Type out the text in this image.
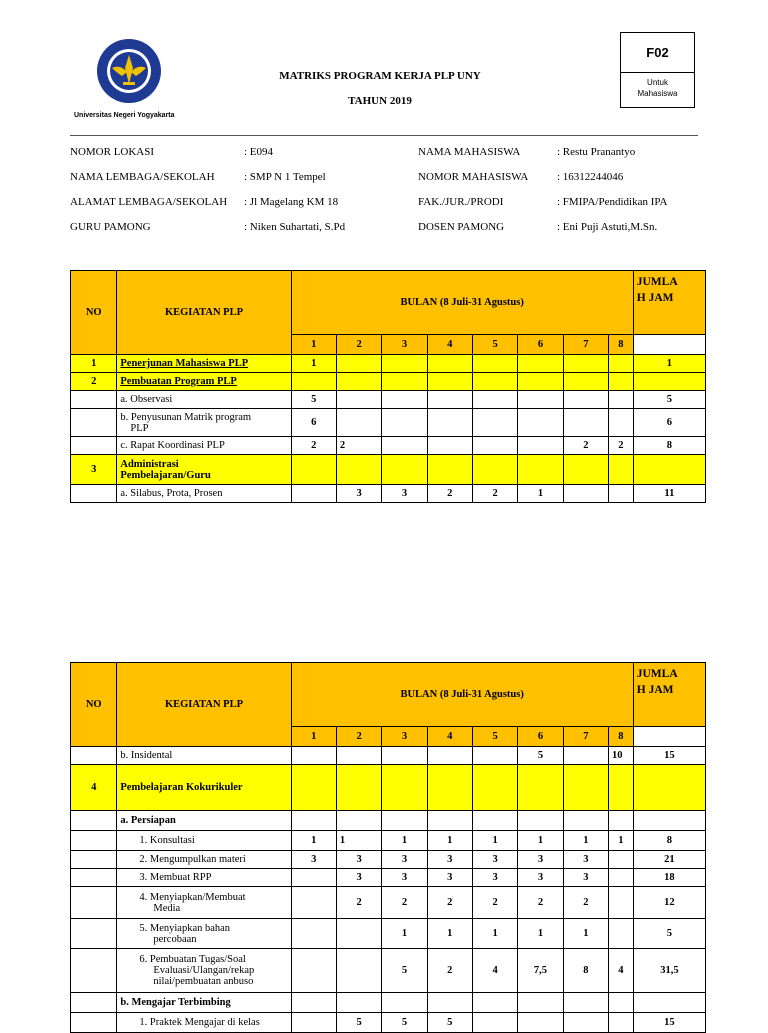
Universitas Negeri Yogyakarta
MATRIKS PROGRAM KERJA PLP UNY
TAHUN 2019
F02
Untuk
Mahasiswa
NOMOR LOKASI	: E094
NAMA LEMBAGA/SEKOLAH	: SMP N 1 Tempel
ALAMAT LEMBAGA/SEKOLAH : Jl Magelang KM 18
GURU PAMONG	: Niken Suhartati, S.Pd
NAMA MAHASISWA	: Restu Pranantyo
NOMOR MAHASISWA	: 16312244046
FAK./JUR./PRODI	: FMIPA/Pendidikan IPA
DOSEN PAMONG	: Eni Puji Astuti,M.Sn.
NO	KEGIATAN PLP	BULAN (8 Juli-31 Agustus)								JUMLA
H JAM

		1	2	3	4	5	6	7	8	
1	Penerjunan Mahasiswa PLP	1								1
2	Pembuatan Program PLP									
	a. Observasi	5								5

	b. Penyusunan Matrik program
PLP	6								6
	c. Rapat Koordinasi PLP	2	2					2	2	8
3	Administrasi
Pembelajaran/Guru									

	a. Silabus, Prota, Prosen		3	3	2	2	1			11
NO	KEGIATAN PLP	BULAN (8 Juli-31 Agustus)								JUMLA
H JAM

		1	2	3	4	5	6	7	8	
	b. Insidental						5		10	15
4	Pembelajaran Kokurikuler									
	a. Persiapan									
	1. Konsultasi	1	1	1	1	1	1	1	1	8
	2. Mengumpulkan materi	3	3	3	3	3	3	3		21
	3. Membuat RPP		3	3	3	3	3	3		18

	4. Menyiapkan/Membuat
Media		2	2	2	2	2	2		12

	5. Menyiapkan bahan
percobaan			1	1	1	1	1		5

	6. Pembuatan Tugas/Soal
Evaluasi/Ulangan/rekap
nilai/pembuatan anbuso			5	2	4	7,5	8	4	31,5
	b. Mengajar Terbimbing									
	1. Praktek Mengajar di kelas		5	5	5					15
